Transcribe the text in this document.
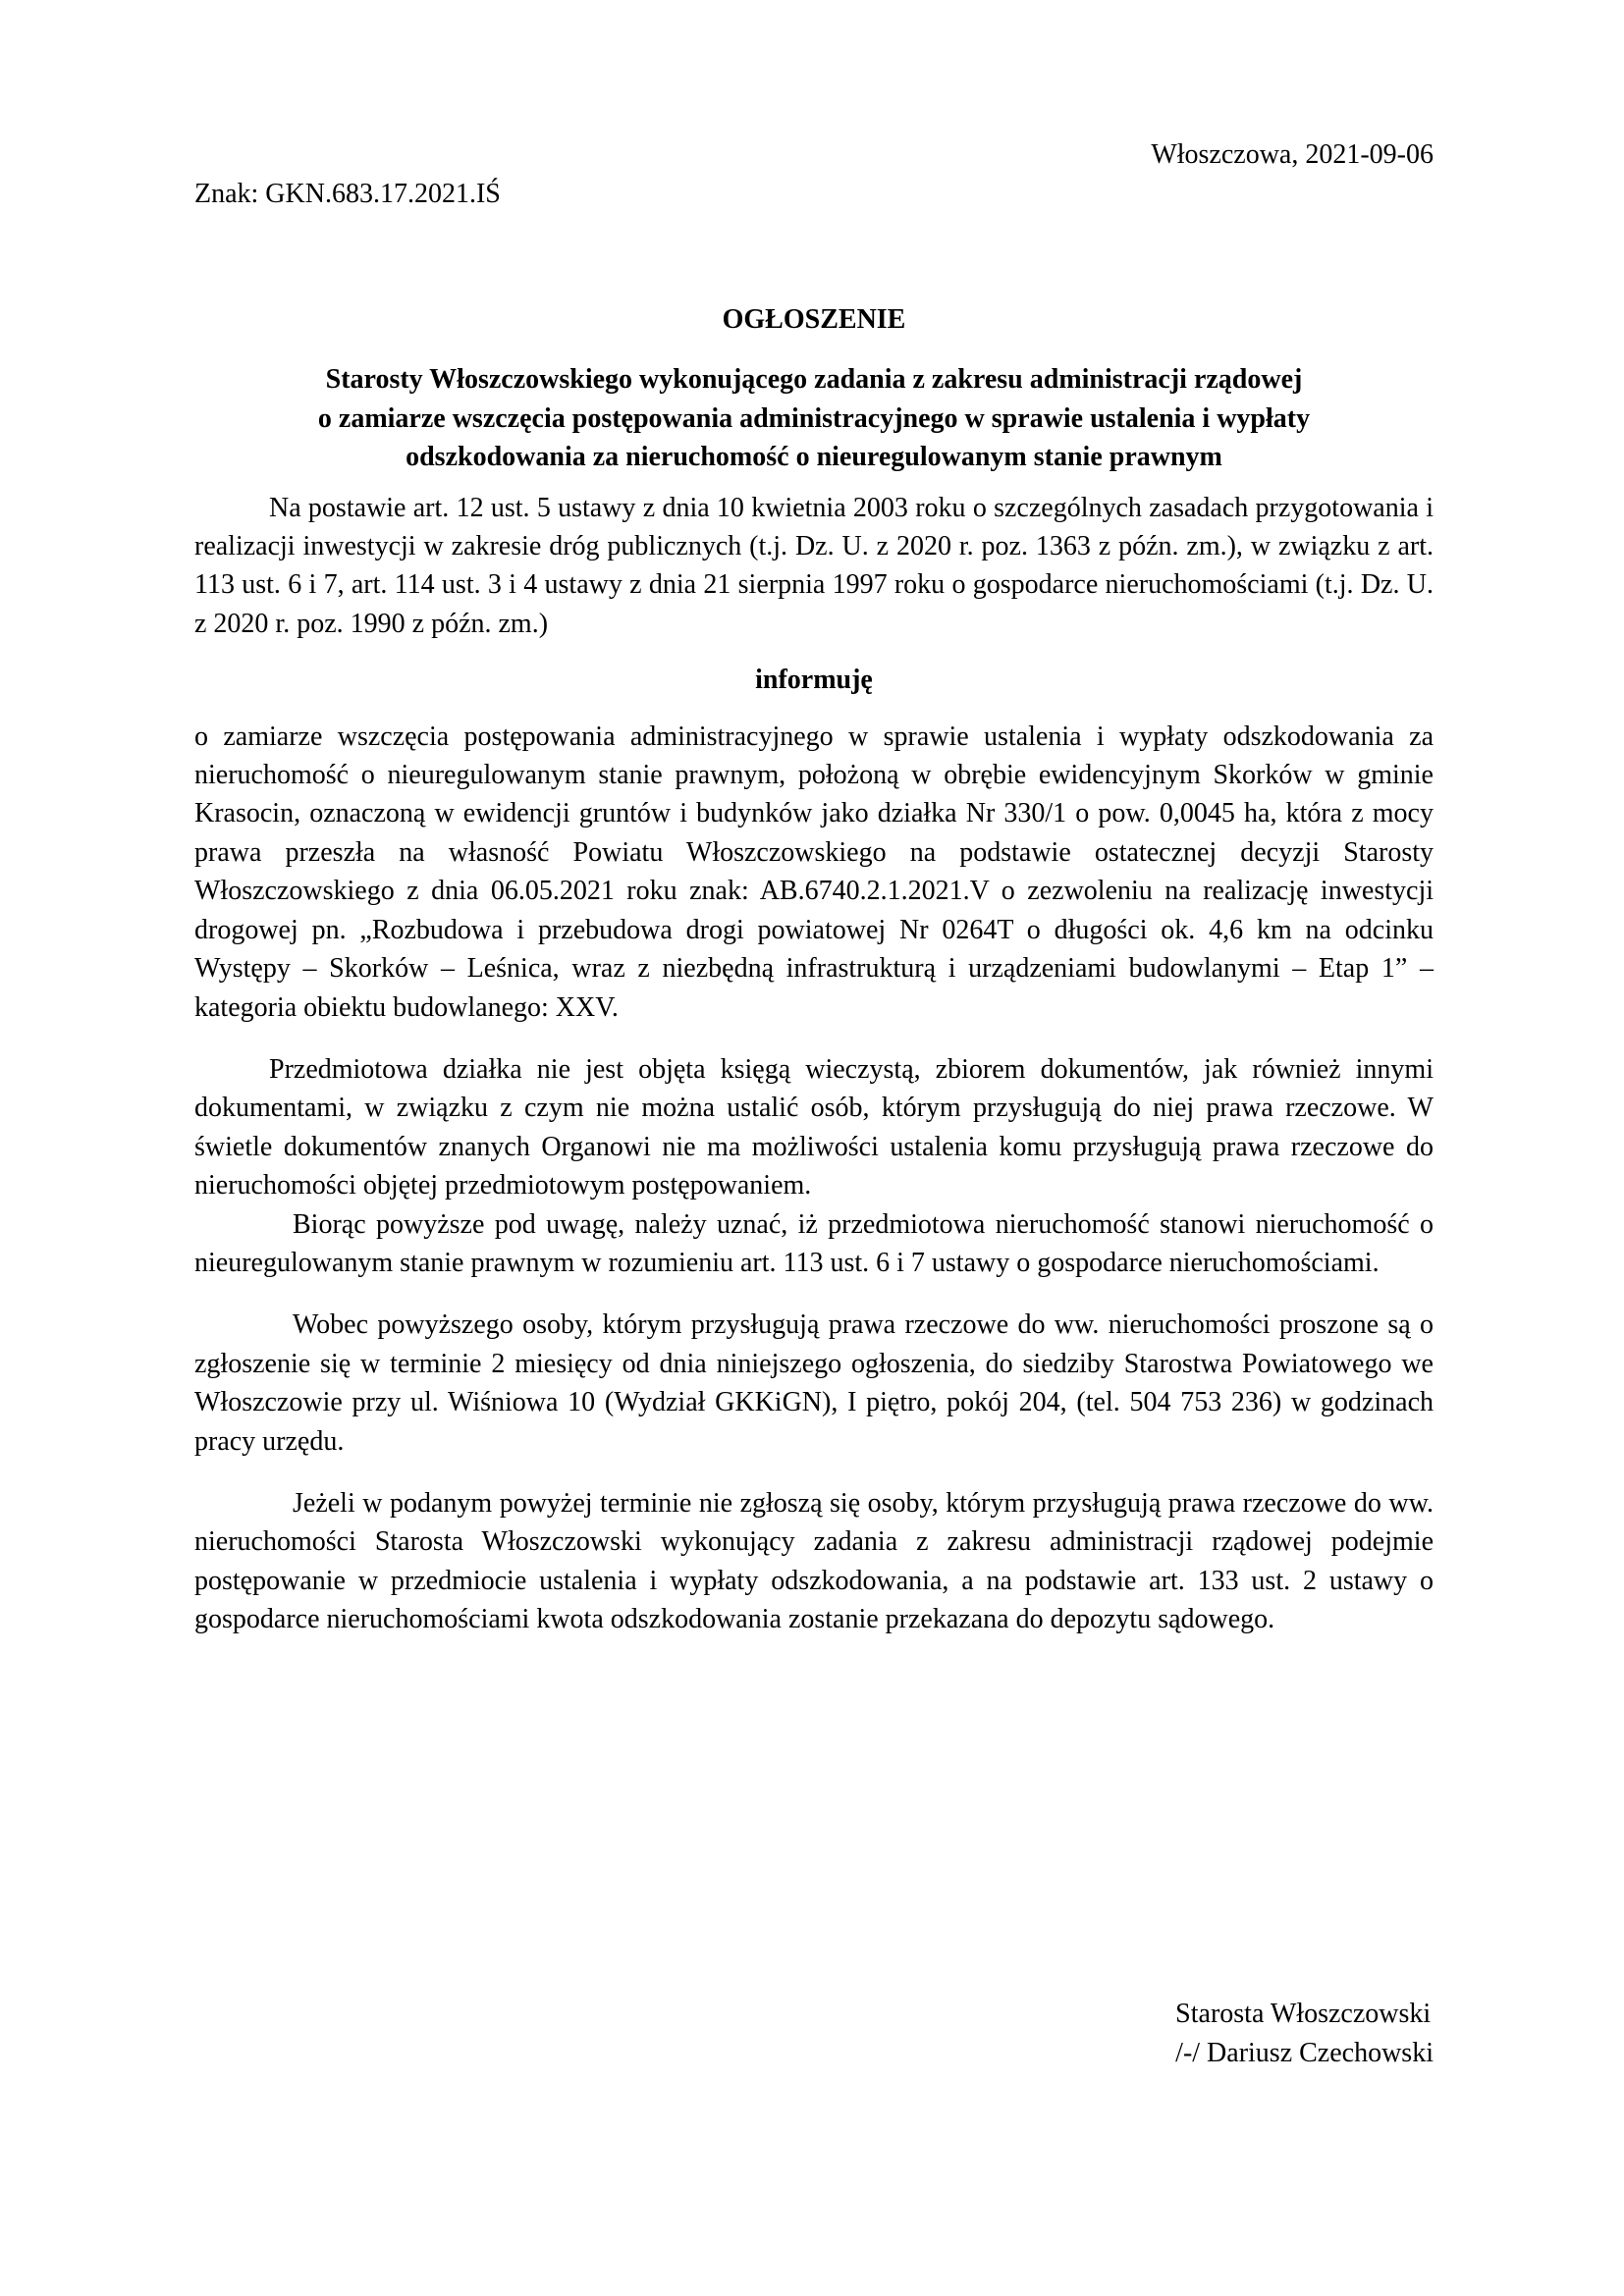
Włoszczowa, 2021-09-06
Znak: GKN.683.17.2021.IŚ
OGŁOSZENIE
Starosty Włoszczowskiego wykonującego zadania z zakresu administracji rządowej
o zamiarze wszczęcia postępowania administracyjnego w sprawie ustalenia i wypłaty
odszkodowania za nieruchomość o nieuregulowanym stanie prawnym

Na postawie art. 12 ust. 5 ustawy z dnia 10 kwietnia 2003 roku o szczególnych zasadach przygotowania i realizacji inwestycji w zakresie dróg publicznych (t.j. Dz. U. z 2020 r. poz. 1363 z późn. zm.), w związku z art. 113 ust. 6 i 7, art. 114 ust. 3 i 4 ustawy z dnia 21 sierpnia 1997 roku o gospodarce nieruchomościami (t.j. Dz. U. z 2020 r. poz. 1990 z późn. zm.)

informuję

o zamiarze wszczęcia postępowania administracyjnego w sprawie ustalenia i wypłaty odszkodowania za nieruchomość o nieuregulowanym stanie prawnym, położoną w obrębie ewidencyjnym Skorków w gminie Krasocin, oznaczoną w ewidencji gruntów i budynków jako działka Nr 330/1 o pow. 0,0045 ha, która z mocy prawa przeszła na własność Powiatu Włoszczowskiego na podstawie ostatecznej decyzji Starosty Włoszczowskiego z dnia 06.05.2021 roku znak: AB.6740.2.1.2021.V o zezwoleniu na realizację inwestycji drogowej pn. „Rozbudowa i przebudowa drogi powiatowej Nr 0264T o długości ok. 4,6 km na odcinku Występy – Skorków – Leśnica, wraz z niezbędną infrastrukturą i urządzeniami budowlanymi – Etap 1” – kategoria obiektu budowlanego: XXV.

Przedmiotowa działka nie jest objęta księgą wieczystą, zbiorem dokumentów, jak również innymi dokumentami, w związku z czym nie można ustalić osób, którym przysługują do niej prawa rzeczowe. W świetle dokumentów znanych Organowi nie ma możliwości ustalenia komu przysługują prawa rzeczowe do nieruchomości objętej przedmiotowym postępowaniem.

Biorąc powyższe pod uwagę, należy uznać, iż przedmiotowa nieruchomość stanowi nieruchomość o nieuregulowanym stanie prawnym w rozumieniu art. 113 ust. 6 i 7 ustawy o gospodarce nieruchomościami.

Wobec powyższego osoby, którym przysługują prawa rzeczowe do ww. nieruchomości proszone są o zgłoszenie się w terminie 2 miesięcy od dnia niniejszego ogłoszenia, do siedziby Starostwa Powiatowego we Włoszczowie przy ul. Wiśniowa 10 (Wydział GKKiGN), I piętro, pokój 204, (tel. 504 753 236) w godzinach pracy urzędu.

Jeżeli w podanym powyżej terminie nie zgłoszą się osoby, którym przysługują prawa rzeczowe do ww. nieruchomości Starosta Włoszczowski wykonujący zadania z zakresu administracji rządowej podejmie postępowanie w przedmiocie ustalenia i wypłaty odszkodowania, a na podstawie art. 133 ust. 2 ustawy o gospodarce nieruchomościami kwota odszkodowania zostanie przekazana do depozytu sądowego.

Starosta Włoszczowski
/-/ Dariusz Czechowski
